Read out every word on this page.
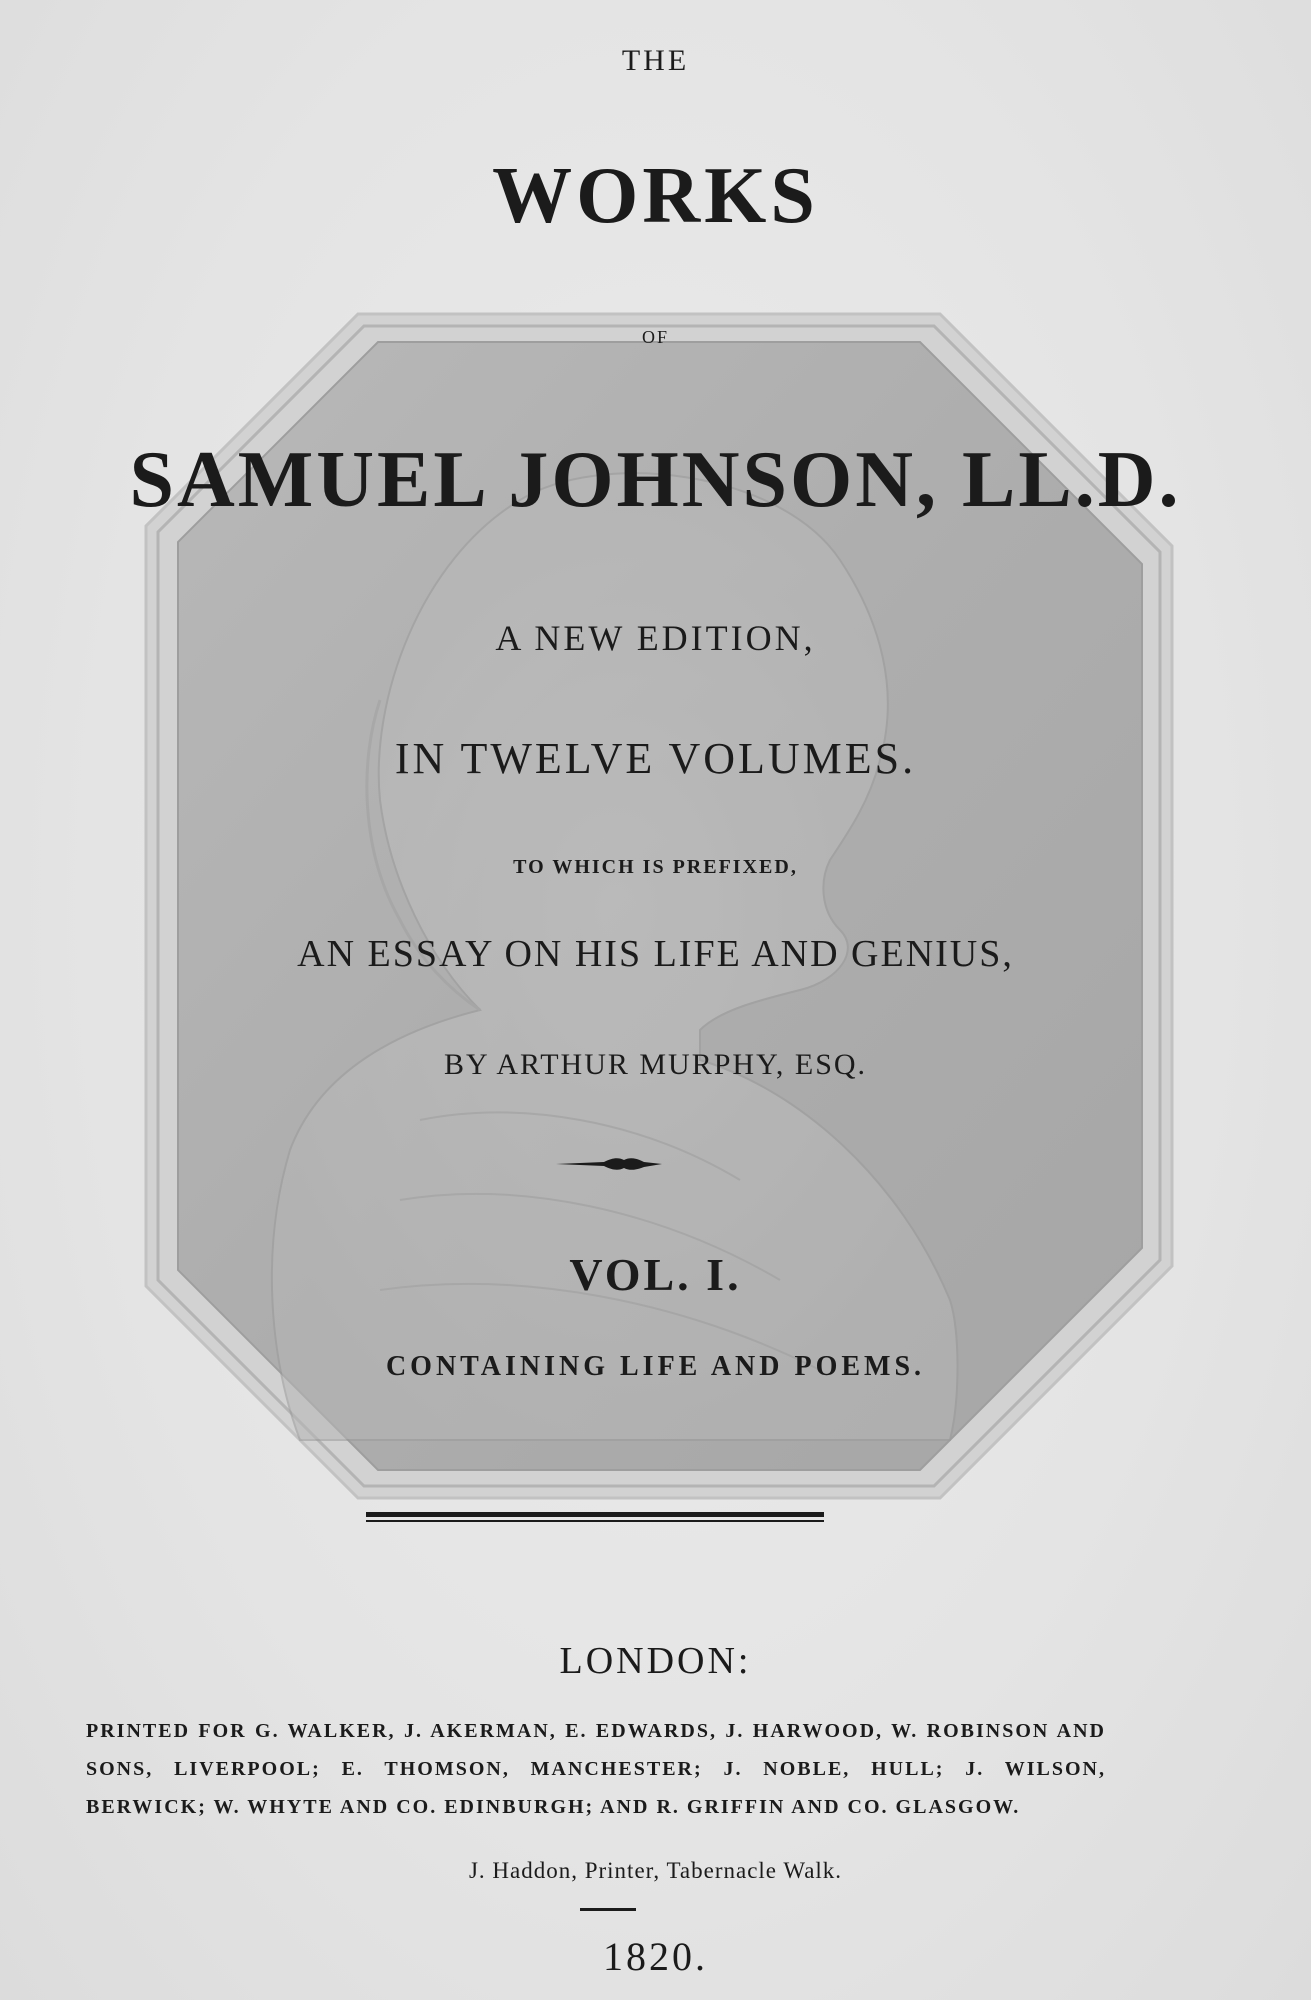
THE

WORKS

OF

SAMUEL JOHNSON, LL.D.

A NEW EDITION,

IN TWELVE VOLUMES.

TO WHICH IS PREFIXED,

AN ESSAY ON HIS LIFE AND GENIUS,

BY ARTHUR MURPHY, ESQ.

VOL. I.

CONTAINING LIFE AND POEMS.

LONDON:

PRINTED FOR G. WALKER, J. AKERMAN, E. EDWARDS, J. HARWOOD, W. ROBINSON AND SONS, LIVERPOOL; E. THOMSON, MANCHESTER; J. NOBLE, HULL; J. WILSON, BERWICK; W. WHYTE AND CO. EDINBURGH; AND R. GRIFFIN AND CO. GLASGOW.

J. Haddon, Printer, Tabernacle Walk.

1820.
